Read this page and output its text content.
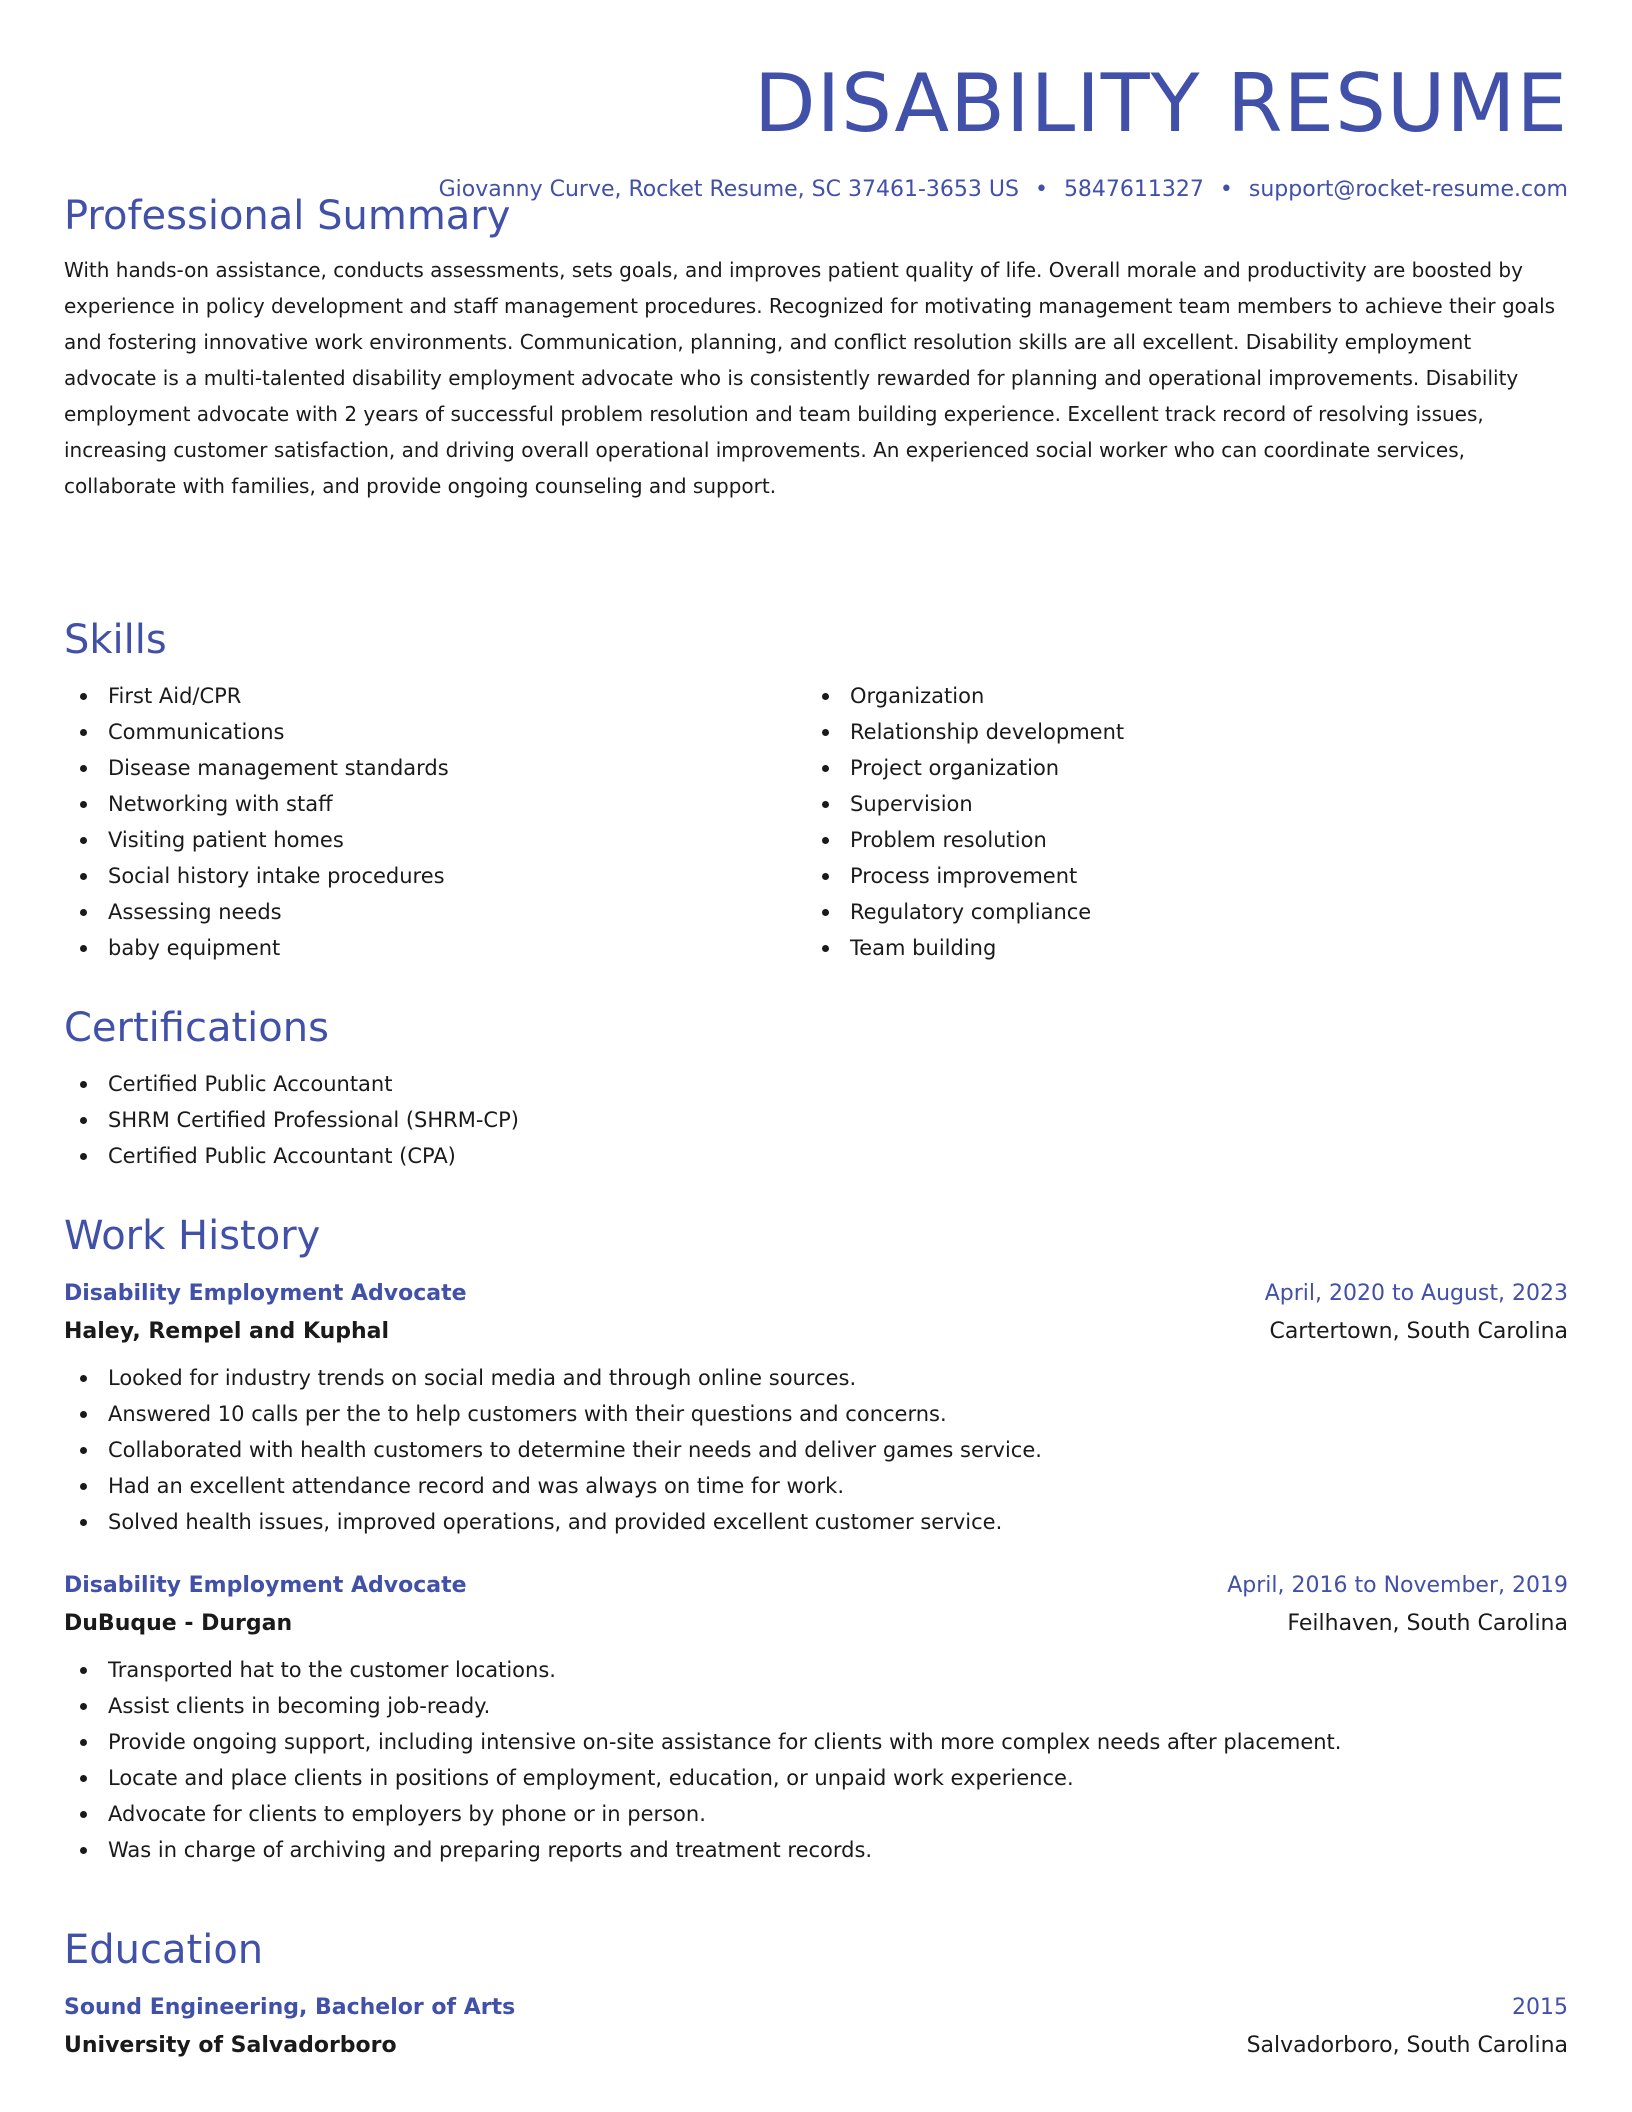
DISABILITY RESUME
Giovanny Curve, Rocket Resume, SC 37461-3653 US • 5847611327 • support@rocket-resume.com
Professional Summary

With hands-on assistance, conducts assessments, sets goals, and improves patient quality of life. Overall morale and productivity are boosted by experience in policy development and staff management procedures. Recognized for motivating management team members to achieve their goals and fostering innovative work environments. Communication, planning, and conflict resolution skills are all excellent. Disability employment advocate is a multi-talented disability employment advocate who is consistently rewarded for planning and operational improvements. Disability employment advocate with 2 years of successful problem resolution and team building experience. Excellent track record of resolving issues, increasing customer satisfaction, and driving overall operational improvements. An experienced social worker who can coordinate services, collaborate with families, and provide ongoing counseling and support.

Skills
First Aid/CPR
Communications
Disease management standards
Networking with staff
Visiting patient homes
Social history intake procedures
Assessing needs
baby equipment
Organization
Relationship development
Project organization
Supervision
Problem resolution
Process improvement
Regulatory compliance
Team building
Certifications
Certified Public Accountant
SHRM Certified Professional (SHRM-CP)
Certified Public Accountant (CPA)
Work History
Disability Employment Advocate	April, 2020 to August, 2023
Haley, Rempel and Kuphal	Cartertown, South Carolina
Looked for industry trends on social media and through online sources.
Answered 10 calls per the to help customers with their questions and concerns.
Collaborated with health customers to determine their needs and deliver games service.
Had an excellent attendance record and was always on time for work.
Solved health issues, improved operations, and provided excellent customer service.
Disability Employment Advocate	April, 2016 to November, 2019
DuBuque - Durgan	Feilhaven, South Carolina
Transported hat to the customer locations.
Assist clients in becoming job-ready.
Provide ongoing support, including intensive on-site assistance for clients with more complex needs after placement.
Locate and place clients in positions of employment, education, or unpaid work experience.
Advocate for clients to employers by phone or in person.
Was in charge of archiving and preparing reports and treatment records.
Education
Sound Engineering, Bachelor of Arts	2015
University of Salvadorboro	Salvadorboro, South Carolina
